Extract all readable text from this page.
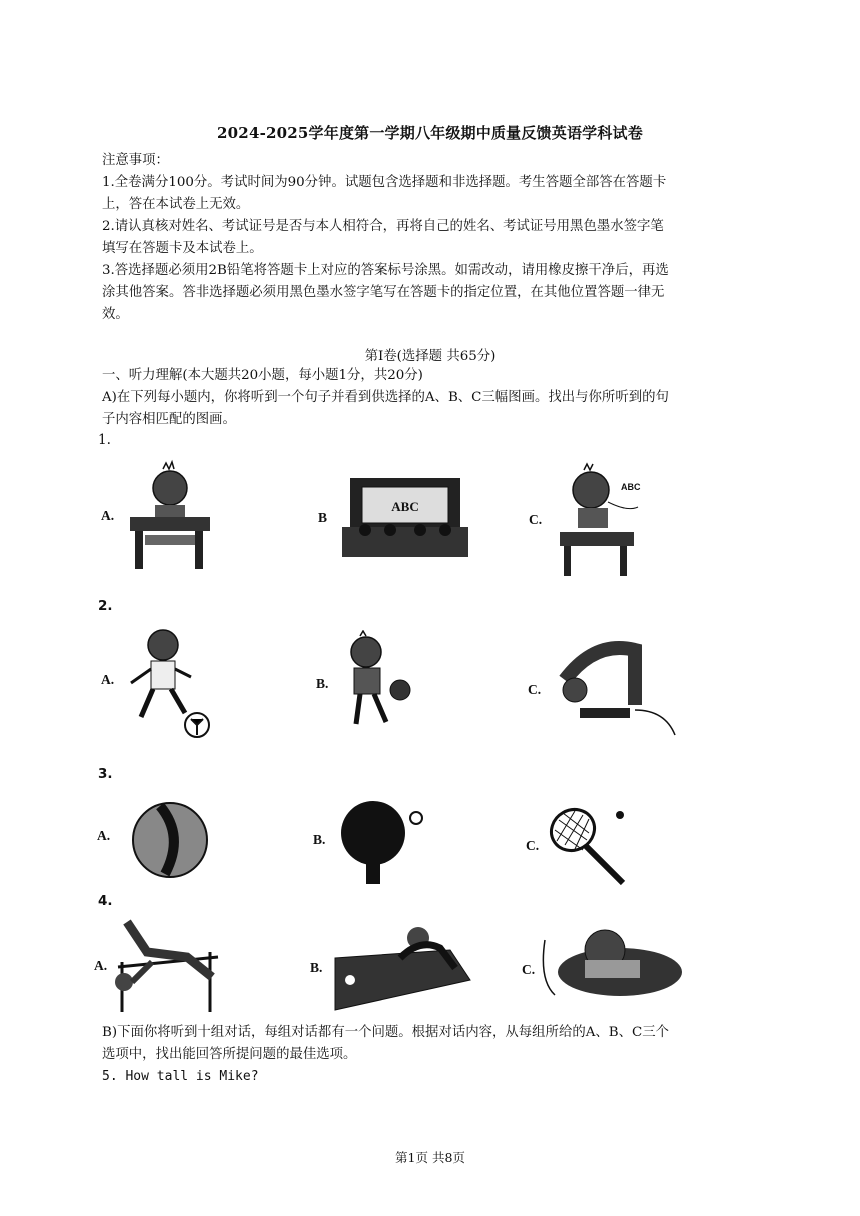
2024-2025学年度第一学期八年级期中质量反馈英语学科试卷
注意事项：
1.全卷满分100分。考试时间为90分钟。试题包含选择题和非选择题。考生答题全部答在答题卡
上，答在本试卷上无效。
2.请认真核对姓名、考试证号是否与本人相符合，再将自己的姓名、考试证号用黑色墨水签字笔
填写在答题卡及本试卷上。
3.答选择题必须用2B铅笔将答题卡上对应的答案标号涂黑。如需改动，请用橡皮擦干净后，再选
涂其他答案。答非选择题必须用黑色墨水签字笔写在答题卡的指定位置，在其他位置答题一律无
效。
第Ⅰ卷(选择题 共65分)
一、听力理解(本大题共20小题，每小题1分，共20分)
A)在下列每小题内，你将听到一个句子并看到供选择的A、B、C三幅图画。找出与你所听到的句
子内容相匹配的图画。
1.
A.	B	C.
ABC
ABC
2.
A.	B.	C.
3.
A.	B.	C.
4.
A.	B.	C.
B)下面你将听到十组对话，每组对话都有一个问题。根据对话内容，从每组所给的A、B、C三个
选项中，找出能回答所提问题的最佳选项。
5. How tall is Mike?
第1页 共8页
